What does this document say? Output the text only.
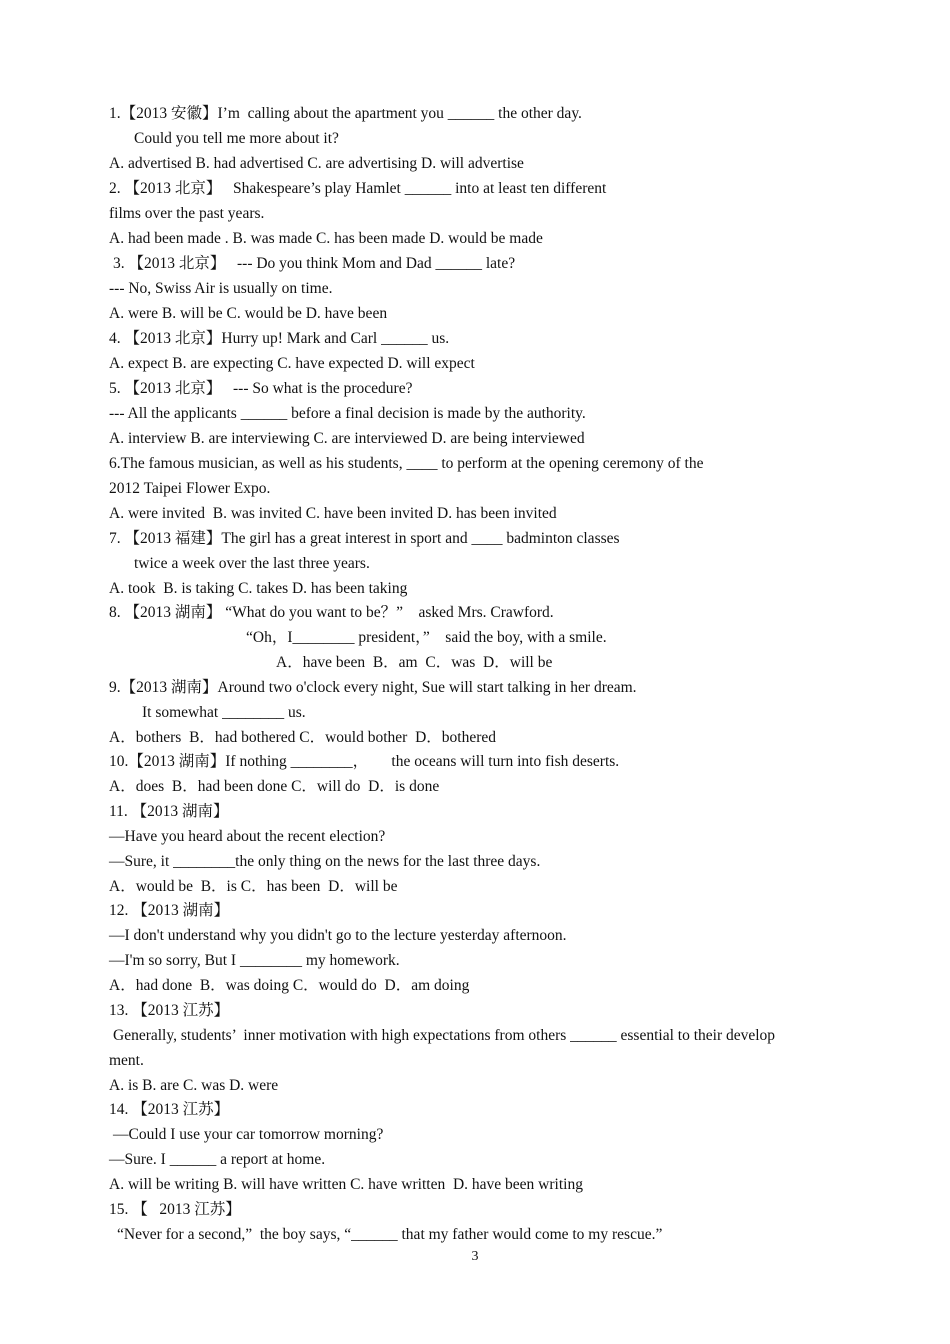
1.【2013 安徽】I’m  calling about the apartment you ______ the other day.
Could you tell me more about it?
A. advertised B. had advertised C. are advertising D. will advertise
2. 【2013 北京】   Shakespeare’s play Hamlet ______ into at least ten different
films over the past years.
A. had been made . B. was made C. has been made D. would be made
3. 【2013 北京】   --- Do you think Mom and Dad ______ late?
--- No, Swiss Air is usually on time.
A. were B. will be C. would be D. have been
4. 【2013 北京】Hurry up! Mark and Carl ______ us.
A. expect B. are expecting C. have expected D. will expect
5. 【2013 北京】   --- So what is the procedure?
--- All the applicants ______ before a final decision is made by the authority.
A. interview B. are interviewing C. are interviewed D. are being interviewed
6.The famous musician, as well as his students, ____ to perform at the opening ceremony of the
2012 Taipei Flower Expo.
A. were invited  B. was invited C. have been invited D. has been invited
7. 【2013 福建】The girl has a great interest in sport and ____ badminton classes
twice a week over the last three years.
A. took  B. is taking C. takes D. has been taking
8. 【2013 湖南】 “What do you want to be？”    asked Mrs. Crawford.
“Oh，I________ president，”    said the boy, with a smile.
A．have been  B．am  C．was  D．will be
9.【2013 湖南】Around two o'clock every night, Sue will start talking in her dream.
It somewhat ________ us.
A．bothers  B．had bothered C．would bother  D．bothered
10.【2013 湖南】If nothing ________，      the oceans will turn into fish deserts.
A．does  B．had been done C．will do  D．is done
11. 【2013 湖南】
—Have you heard about the recent election?
—Sure, it ________the only thing on the news for the last three days.
A．would be  B．is C．has been  D．will be
12. 【2013 湖南】
—I don't understand why you didn't go to the lecture yesterday afternoon.
—I'm so sorry, But I ________ my homework.
A．had done  B．was doing C．would do  D．am doing
13. 【2013 江苏】
Generally, students’  inner motivation with high expectations from others ______ essential to their develop
ment.
A. is B. are C. was D. were
14. 【2013 江苏】
—Could I use your car tomorrow morning?
—Sure. I ______ a report at home.
A. will be writing B. will have written C. have written  D. have been writing
15. 【   2013 江苏】
“Never for a second,”  the boy says, “______ that my father would come to my rescue.”
3
